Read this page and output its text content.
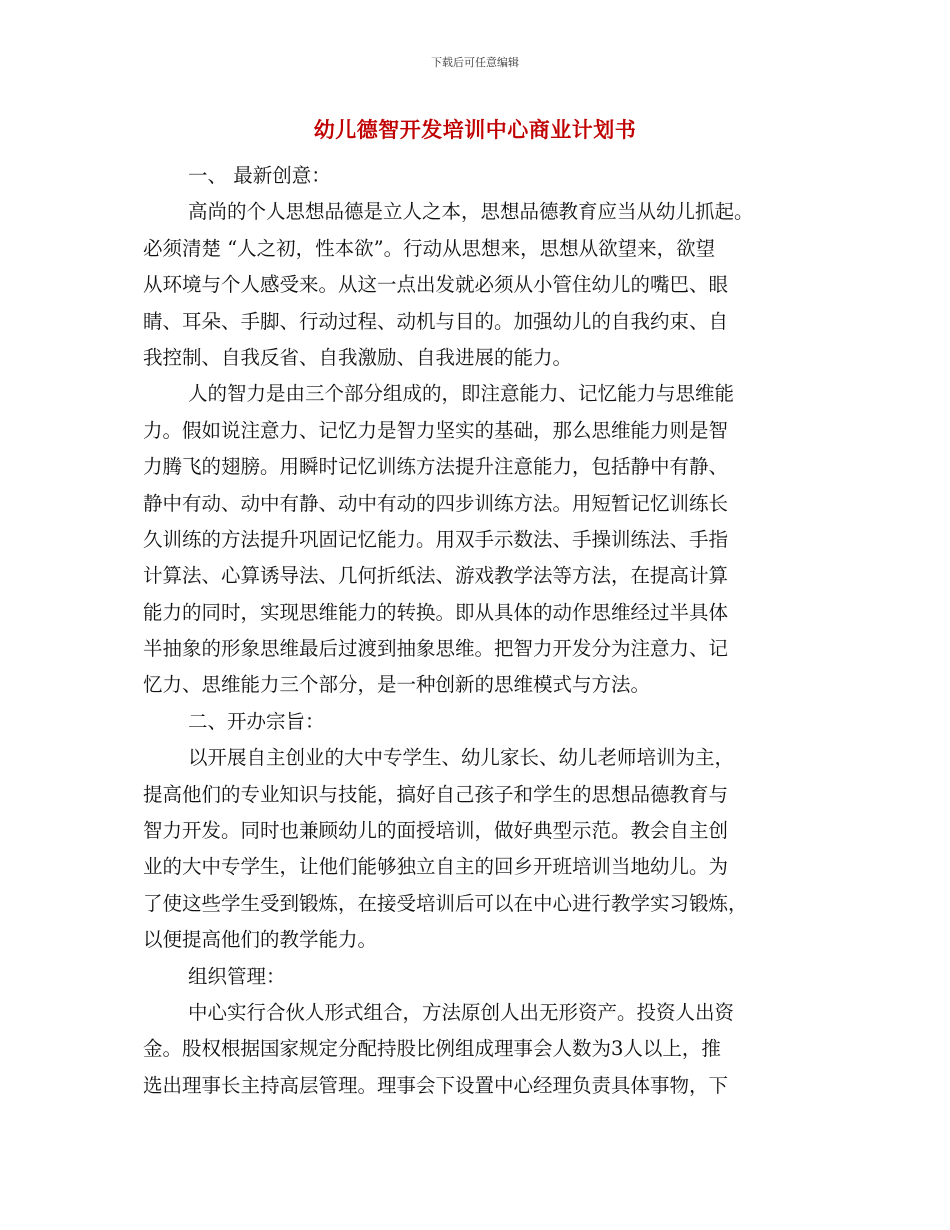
下载后可任意编辑
幼儿德智开发培训中心商业计划书
一、 最新创意：
高尚的个人思想品德是立人之本，思想品德教育应当从幼儿抓起。
必须清楚 “人之初，性本欲”。行动从思想来，思想从欲望来，欲望
从环境与个人感受来。从这一点出发就必须从小管住幼儿的嘴巴、眼
睛、耳朵、手脚、行动过程、动机与目的。加强幼儿的自我约束、自
我控制、自我反省、自我激励、自我进展的能力。
人的智力是由三个部分组成的，即注意能力、记忆能力与思维能
力。假如说注意力、记忆力是智力坚实的基础，那么思维能力则是智
力腾飞的翅膀。用瞬时记忆训练方法提升注意能力，包括静中有静、
静中有动、动中有静、动中有动的四步训练方法。用短暂记忆训练长
久训练的方法提升巩固记忆能力。用双手示数法、手操训练法、手指
计算法、心算诱导法、几何折纸法、游戏教学法等方法，在提高计算
能力的同时，实现思维能力的转换。即从具体的动作思维经过半具体
半抽象的形象思维最后过渡到抽象思维。把智力开发分为注意力、记
忆力、思维能力三个部分，是一种创新的思维模式与方法。
二、开办宗旨：
以开展自主创业的大中专学生、幼儿家长、幼儿老师培训为主，
提高他们的专业知识与技能，搞好自己孩子和学生的思想品德教育与
智力开发。同时也兼顾幼儿的面授培训，做好典型示范。教会自主创
业的大中专学生，让他们能够独立自主的回乡开班培训当地幼儿。为
了使这些学生受到锻炼，在接受培训后可以在中心进行教学实习锻炼，
以便提高他们的教学能力。
组织管理：
中心实行合伙人形式组合，方法原创人出无形资产。投资人出资
金。股权根据国家规定分配持股比例组成理事会人数为3人以上，推
选出理事长主持高层管理。理事会下设置中心经理负责具体事物，下
